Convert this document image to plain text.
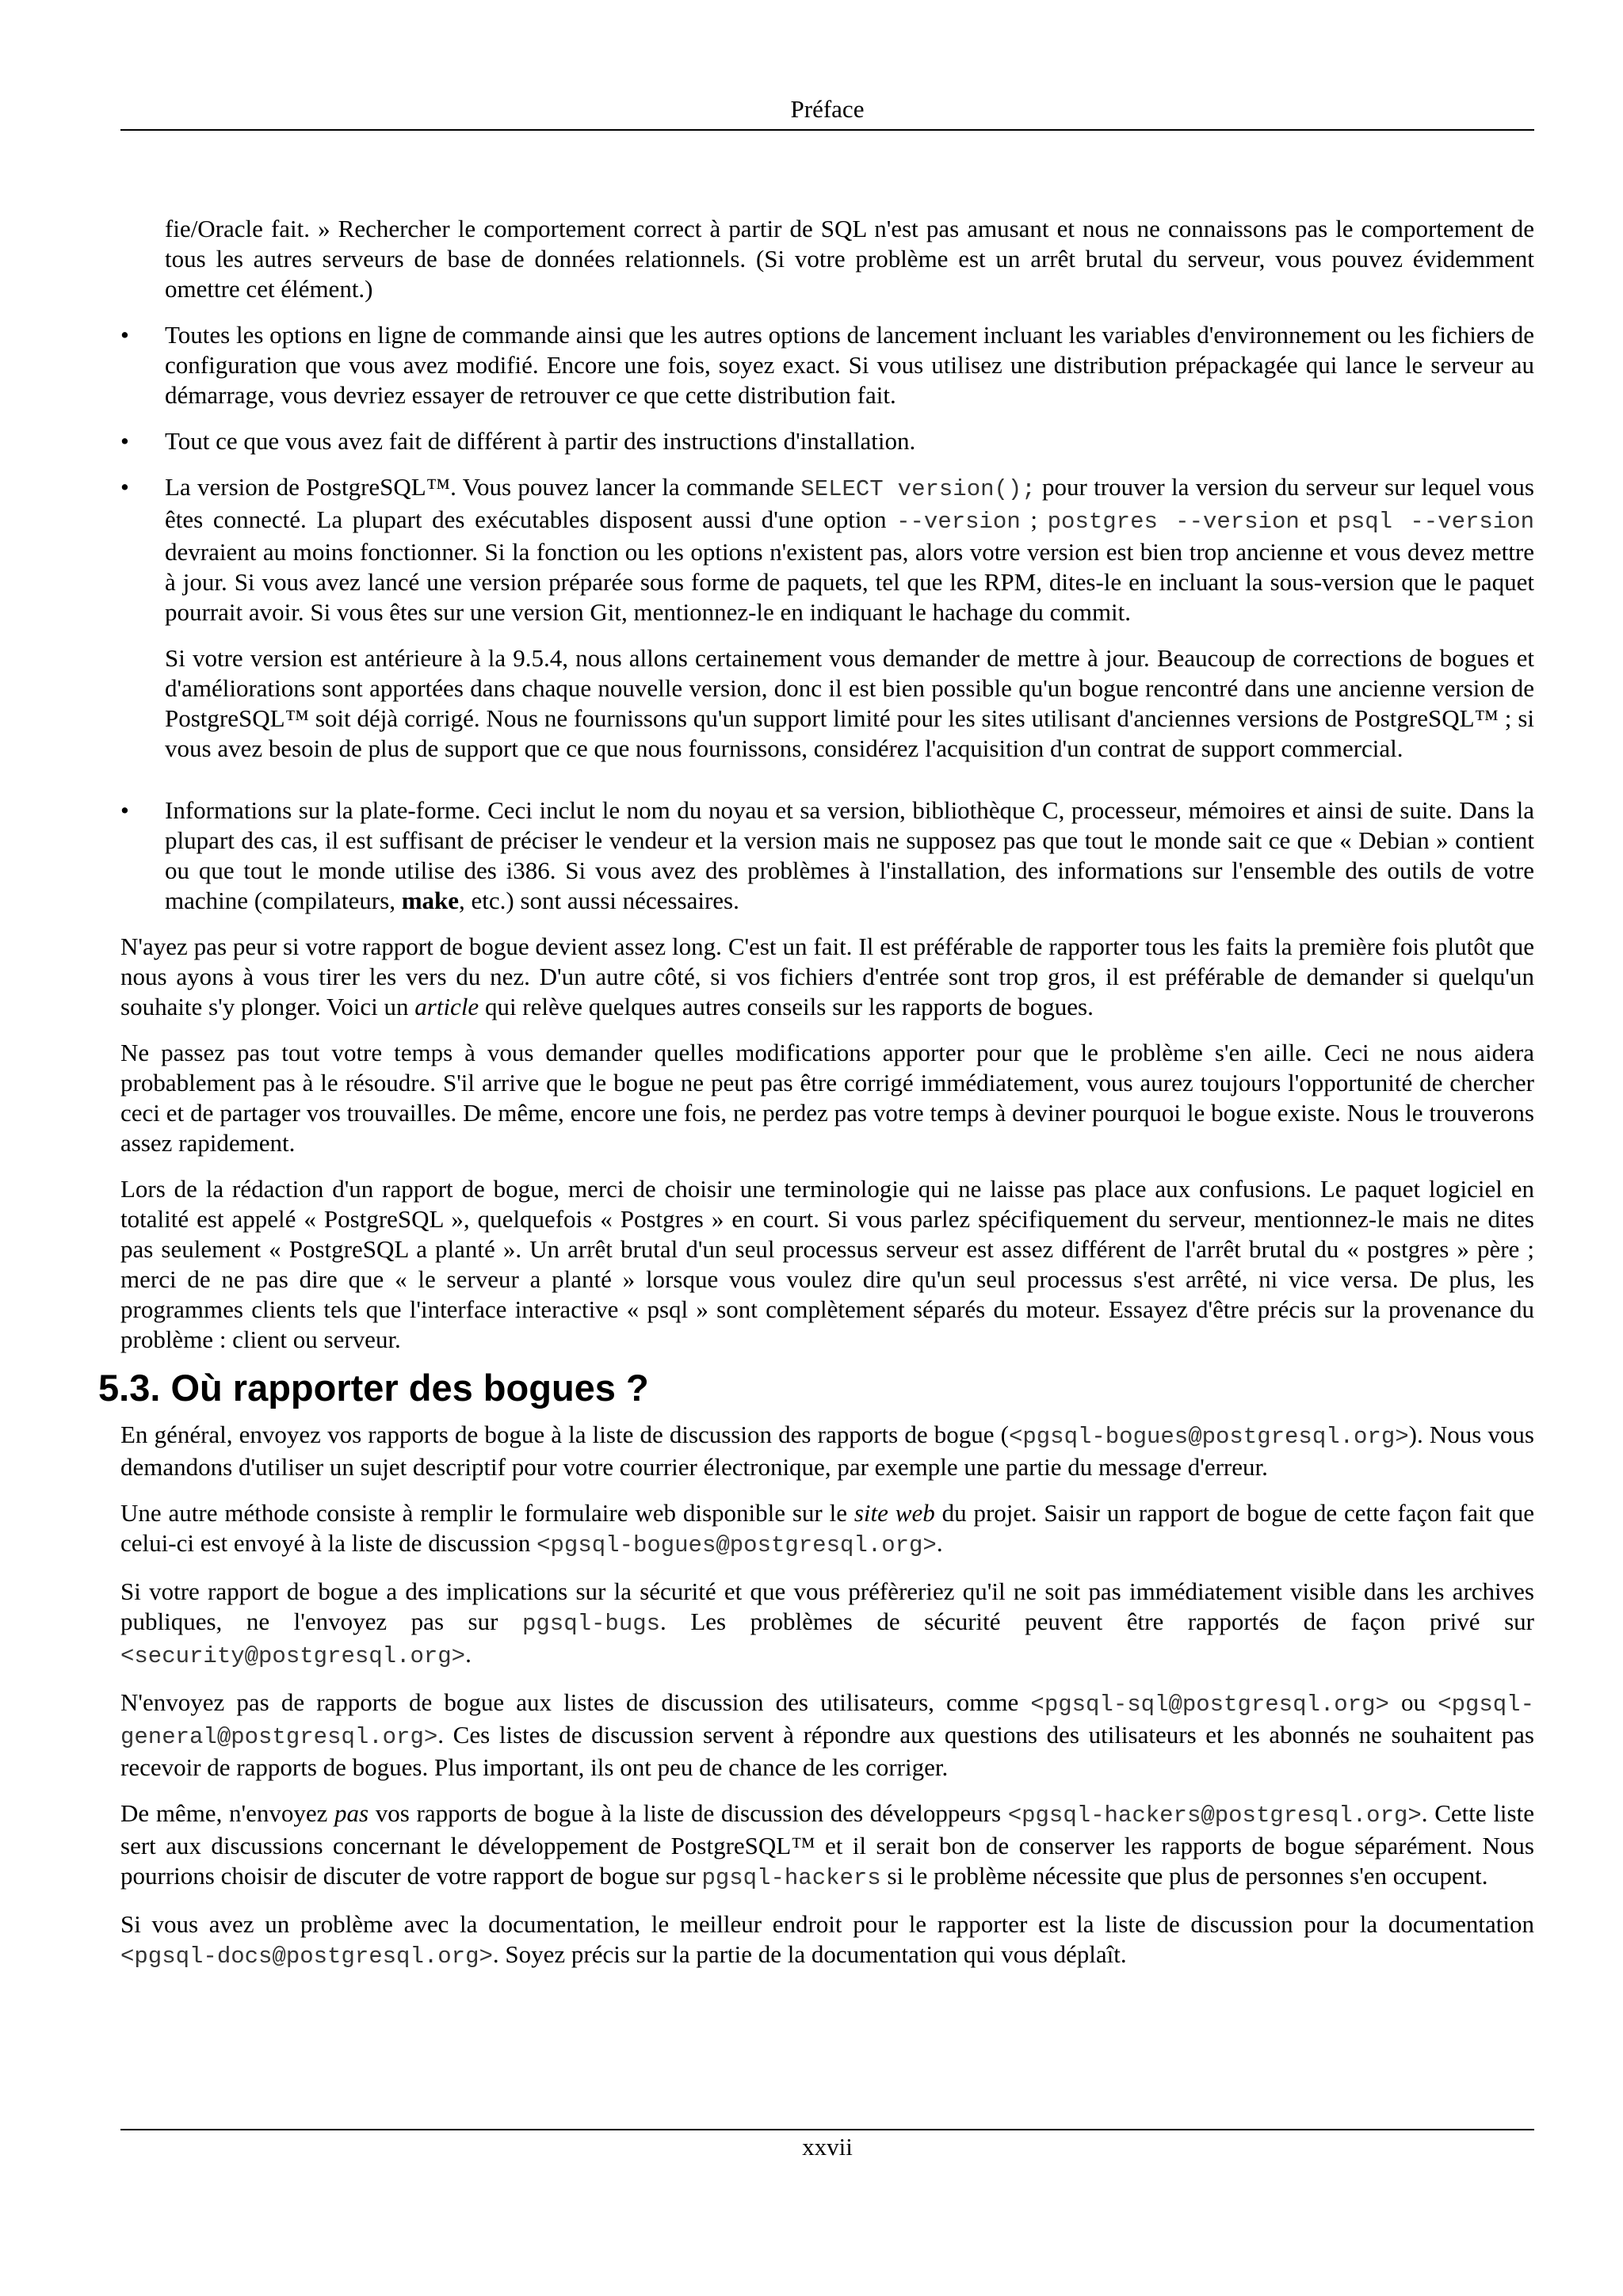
Préface

fie/Oracle fait. » Rechercher le comportement correct à partir de SQL n'est pas amusant et nous ne connaissons pas le comportement de tous les autres serveurs de base de données relationnels. (Si votre problème est un arrêt brutal du serveur, vous pouvez évidemment omettre cet élément.)

• Toutes les options en ligne de commande ainsi que les autres options de lancement incluant les variables d'environnement ou les fichiers de configuration que vous avez modifié. Encore une fois, soyez exact. Si vous utilisez une distribution prépackagée qui lance le serveur au démarrage, vous devriez essayer de retrouver ce que cette distribution fait.

• Tout ce que vous avez fait de différent à partir des instructions d'installation.

• La version de PostgreSQL™. Vous pouvez lancer la commande SELECT version(); pour trouver la version du serveur sur lequel vous êtes connecté. La plupart des exécutables disposent aussi d'une option --version ; postgres --version et psql --version devraient au moins fonctionner. Si la fonction ou les options n'existent pas, alors votre version est bien trop ancienne et vous devez mettre à jour. Si vous avez lancé une version préparée sous forme de paquets, tel que les RPM, dites-le en incluant la sous-version que le paquet pourrait avoir. Si vous êtes sur une version Git, mentionnez-le en indiquant le hachage du commit.

Si votre version est antérieure à la 9.5.4, nous allons certainement vous demander de mettre à jour. Beaucoup de corrections de bogues et d'améliorations sont apportées dans chaque nouvelle version, donc il est bien possible qu'un bogue rencontré dans une ancienne version de PostgreSQL™ soit déjà corrigé. Nous ne fournissons qu'un support limité pour les sites utilisant d'anciennes versions de PostgreSQL™ ; si vous avez besoin de plus de support que ce que nous fournissons, considérez l'acquisition d'un contrat de support commercial.

• Informations sur la plate-forme. Ceci inclut le nom du noyau et sa version, bibliothèque C, processeur, mémoires et ainsi de suite. Dans la plupart des cas, il est suffisant de préciser le vendeur et la version mais ne supposez pas que tout le monde sait ce que « Debian » contient ou que tout le monde utilise des i386. Si vous avez des problèmes à l'installation, des informations sur l'ensemble des outils de votre machine (compilateurs, make, etc.) sont aussi nécessaires.

N'ayez pas peur si votre rapport de bogue devient assez long. C'est un fait. Il est préférable de rapporter tous les faits la première fois plutôt que nous ayons à vous tirer les vers du nez. D'un autre côté, si vos fichiers d'entrée sont trop gros, il est préférable de demander si quelqu'un souhaite s'y plonger. Voici un article qui relève quelques autres conseils sur les rapports de bogues.

Ne passez pas tout votre temps à vous demander quelles modifications apporter pour que le problème s'en aille. Ceci ne nous aidera probablement pas à le résoudre. S'il arrive que le bogue ne peut pas être corrigé immédiatement, vous aurez toujours l'opportunité de chercher ceci et de partager vos trouvailles. De même, encore une fois, ne perdez pas votre temps à deviner pourquoi le bogue existe. Nous le trouverons assez rapidement.

Lors de la rédaction d'un rapport de bogue, merci de choisir une terminologie qui ne laisse pas place aux confusions. Le paquet logiciel en totalité est appelé « PostgreSQL », quelquefois « Postgres » en court. Si vous parlez spécifiquement du serveur, mentionnez-le mais ne dites pas seulement « PostgreSQL a planté ». Un arrêt brutal d'un seul processus serveur est assez différent de l'arrêt brutal du « postgres » père ; merci de ne pas dire que « le serveur a planté » lorsque vous voulez dire qu'un seul processus s'est arrêté, ni vice versa. De plus, les programmes clients tels que l'interface interactive « psql » sont complètement séparés du moteur. Essayez d'être précis sur la provenance du problème : client ou serveur.

5.3. Où rapporter des bogues ?

En général, envoyez vos rapports de bogue à la liste de discussion des rapports de bogue (<pgsql-bogues@postgresql.org>). Nous vous demandons d'utiliser un sujet descriptif pour votre courrier électronique, par exemple une partie du message d'erreur.

Une autre méthode consiste à remplir le formulaire web disponible sur le site web du projet. Saisir un rapport de bogue de cette façon fait que celui-ci est envoyé à la liste de discussion <pgsql-bogues@postgresql.org>.

Si votre rapport de bogue a des implications sur la sécurité et que vous préfèreriez qu'il ne soit pas immédiatement visible dans les archives publiques, ne l'envoyez pas sur pgsql-bugs. Les problèmes de sécurité peuvent être rapportés de façon privé sur <security@postgresql.org>.

N'envoyez pas de rapports de bogue aux listes de discussion des utilisateurs, comme <pgsql-sql@postgresql.org> ou <pgsql-general@postgresql.org>. Ces listes de discussion servent à répondre aux questions des utilisateurs et les abonnés ne souhaitent pas recevoir de rapports de bogues. Plus important, ils ont peu de chance de les corriger.

De même, n'envoyez pas vos rapports de bogue à la liste de discussion des développeurs <pgsql-hackers@postgresql.org>. Cette liste sert aux discussions concernant le développement de PostgreSQL™ et il serait bon de conserver les rapports de bogue séparément. Nous pourrions choisir de discuter de votre rapport de bogue sur pgsql-hackers si le problème nécessite que plus de personnes s'en occupent.

Si vous avez un problème avec la documentation, le meilleur endroit pour le rapporter est la liste de discussion pour la documentation <pgsql-docs@postgresql.org>. Soyez précis sur la partie de la documentation qui vous déplaît.

xxvii
